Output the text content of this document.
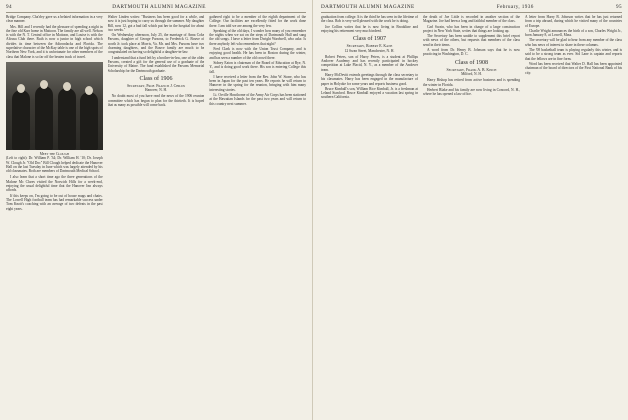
94	DARTMOUTH ALUMNI MAGAZINE

Bridge Company. Cha'rley gave us a belated information in a very clear manner.

Mrs. Hill and I recently had the pleasure of spending a night in the fine old Karr home in Mattoon. The family are all well. Nelson is with the N. T. Central office in Mattoon, and Louise is with the Altrusa Club there. Ruth is now a junior in high school which divides its time between the Adirondacks and Florida. The superlative character of the McKay table is one of the high spots of Northern New York, and it is unfortunate for other members of the class that Malone is so far off the beaten track of travel.

Meet the Clough
(Left to right): Dr. William P. '34; Dr. William H. '10; Dr. Joseph W. Clough Jr. "Old Doc" Bill Clough helped dedicate the Hanover Hall on the last Tuesday in June which was largely attended by his old classmates. Both are members of Dartmouth Medical School.

I also learn that a short time ago the three generations of the Malone Mc Clares visited the Norwich Hills for a week-end, enjoying the usual delightful time that the Hanover Inn always affords.

If this keeps on, I'm going to be out of house mugs and chairs. The Lowell High football team has had remarkable success under Tom Knott's coaching with an average of two defeats in the past eight years.

Walter Linden writes: "Business has been good for a while, and now it is just hoping to carry us through the summer. My daughter Bill, now 12, got a bad fall which put her in the hospital for about two weeks."

On Wednesday afternoon, July 25, the marriage of Anna Coke Parsons, daughter of George Parsons, to Frederick G. Bouve of worth Jr. took place at Morris, Va. Mr. and Mrs. Parsons have two charming daughters, and the Bouve family are much to be congratulated on having so delightful a daughter-in-law.

I understand that a fund left by a brother-in-law, one of the older Parsons, created a gift for the general use of a graduate of the University of Maine. The fund established the Parsons Memorial Scholarship for the Dartmouth graduate.

Class of 1906
Secretary, Prof. Francis J. Childs
Hanover, N. H.

No doubt most of you have read the news of the 1906 reunion committee which has begun to plan for the thirtieth. It is hoped that as many as possible will come back.

gathered right to be a member of the eighth department of the College. Our facilities are excellently fitted for the work done there. I am told we are among the very few.

Speaking of the old days, I wonder how many of you remember the nights when we sat on the steps of Dartmouth Hall and sang the old songs. I have a letter from Dwight Wardwell, who asks: Is there anybody left who remembers that night?

Fred Clark is now with the Union Trust Company, and is enjoying good health. He has been in Boston during the winter, and has seen a number of the old crowd there.

Sidney Eaton is chairman of the Board of Education at Rye, N. Y., and is doing good work there. His son is entering College this fall.

I have received a letter from the Rev. John W. Stone, who has been in Japan for the past ten years. He reports he will return to Hanover in the spring for the reunion, bringing with him many interesting stories.

Lt. Orville Hawthorne of the Army Air Corps has been stationed at the Hawaiian Islands for the past two years and will return to this country next summer.

DARTMOUTH ALUMNI MAGAZINE	February, 1936	95

graduation from college. It is the third he has seen in the lifetime of the class. Rob is very well pleased with the work he is doing.

Joe Collins writes that he is now living in Brookline and enjoying his retirement very much indeed.

Class of 1907
Secretary, Robert E. Kane
12 Swan Street, Manchester, N. H.

Robert Peters, son of Harry Peters, is a student at Phillips Andover Academy and has recently participated in hockey competition at Lake Placid, N. Y., as a member of the Andover team.

Harry McDevitt extends greetings through the class secretary to his classmates. Harry has been engaged in the manufacture of paper in Holyoke for some years and reports business good.

Bruce Kimball's son, William Rice Kimball, Jr. is a freshman at Leland Stanford. Bruce Kimball enjoyed a vacation last spring in southern California.

the death of Joe Little is recorded in another section of the Magazine. Joe had been a long and faithful member of the class.

Carl Swain, who has been in charge of a large construction project in New York State, writes that things are looking up.

The Secretary has been unable to supplement this brief report with news of the others, but requests that members of the class send in their items.

A word from Dr. Henry B. Johnson says that he is now practicing in Washington, D. C.

Class of 1908
Secretary, Frank A. B. Kinch
Milford, N. H.

Harry Bishop has retired from active business and is spending the winter in Florida.

Herbert Blake and his family are now living in Concord, N. H., where he has opened a law office.

A letter from Harry B. Johnson writes that he has just returned from a trip abroad, during which he visited many of the countries of Europe.

Charlie Wright announces the birth of a son, Charles Wright Jr., born January 8, at Lowell, Mass.

The secretary will be glad to hear from any member of the class who has news of interest to share in these columns.

The '08 basketball team is playing regularly this winter, and is said to be a strong team as ever. Sid Lane is captain and reports that the fellows are in fine form.

Word has been received that Walter D. Hall has been appointed chairman of the board of directors of the First National Bank of his city.
